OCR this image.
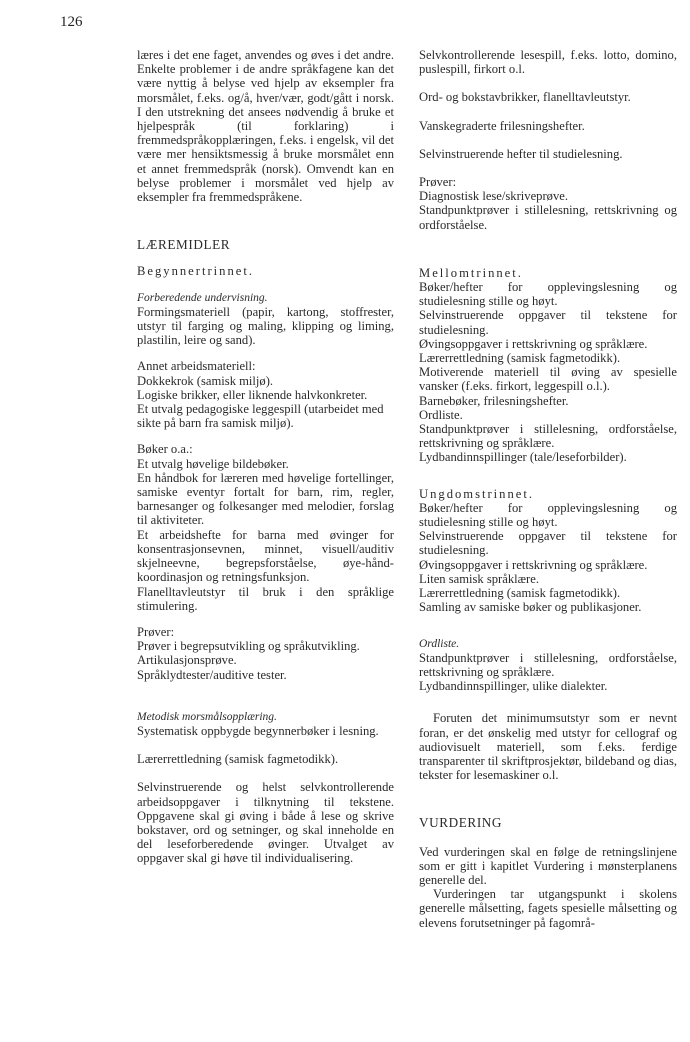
126

læres i det ene faget, anvendes og øves i det andre. Enkelte problemer i de andre språkfagene kan det være nyttig å belyse ved hjelp av eksempler fra morsmålet, f.eks. og/å, hver/vær, godt/gått i norsk. I den utstrekning det ansees nødvendig å bruke et hjelpespråk (til forklaring) i fremmedspråkopplæringen, f.eks. i engelsk, vil det være mer hensiktsmessig å bruke morsmålet enn et annet fremmedspråk (norsk). Omvendt kan en belyse problemer i morsmålet ved hjelp av eksempler fra fremmedspråkene.

LÆREMIDLER

Begynnertrinnet.

Forberedende undervisning.

Formingsmateriell (papir, kartong, stoffrester, utstyr til farging og maling, klipping og liming, plastilin, leire og sand).

Annet arbeidsmateriell:

Dokkekrok (samisk miljø).
Logiske brikker, eller liknende halvkonkreter.
Et utvalg pedagogiske leggespill (utarbeidet med sikte på barn fra samisk miljø).

Bøker o.a.:

Et utvalg høvelige bildebøker.
En håndbok for læreren med høvelige fortellinger, samiske eventyr fortalt for barn, rim, regler, barnesanger og folkesanger med melodier, forslag til aktiviteter.
Et arbeidshefte for barna med øvinger for konsentrasjonsevnen, minnet, visuell/auditiv skjelneevne, begrepsforståelse, øye-hånd-koordinasjon og retningsfunksjon.
Flanelltavleutstyr til bruk i den språklige stimulering.

Prøver:

Prøver i begrepsutvikling og språkutvikling.
Artikulasjonsprøve.
Språklydtester/auditive tester.

Metodisk morsmålsopplæring.

Systematisk oppbygde begynnerbøker i lesning.

Lærerrettledning (samisk fagmetodikk).

Selvinstruerende og helst selvkontrollerende arbeidsoppgaver i tilknytning til tekstene. Oppgavene skal gi øving i både å lese og skrive bokstaver, ord og setninger, og skal inneholde en del leseforberedende øvinger. Utvalget av oppgaver skal gi høve til individualisering.

Selvkontrollerende lesespill, f.eks. lotto, domino, puslespill, firkort o.l.

Ord- og bokstavbrikker, flanelltavleutstyr.

Vanskegraderte frilesningshefter.

Selvinstruerende hefter til studielesning.

Prøver:

Diagnostisk lese/skriveprøve.
Standpunktprøver i stillelesning, rettskrivning og ordforståelse.

Mellomtrinnet.

Bøker/hefter for opplevingslesning og studielesning stille og høyt.
Selvinstruerende oppgaver til tekstene for studielesning.
Øvingsoppgaver i rettskrivning og språklære.
Lærerrettledning (samisk fagmetodikk).
Motiverende materiell til øving av spesielle vansker (f.eks. firkort, leggespill o.l.).
Barnebøker, frilesningshefter.
Ordliste.
Standpunktprøver i stillelesning, ordforståelse, rettskrivning og språklære.
Lydbandinnspillinger (tale/leseforbilder).

Ungdomstrinnet.

Bøker/hefter for opplevingslesning og studielesning stille og høyt.
Selvinstruerende oppgaver til tekstene for studielesning.
Øvingsoppgaver i rettskrivning og språklære.
Liten samisk språklære.
Lærerrettledning (samisk fagmetodikk).
Samling av samiske bøker og publikasjoner.

Ordliste.

Standpunktprøver i stillelesning, ordforståelse, rettskrivning og språklære.
Lydbandinnspillinger, ulike dialekter.

Foruten det minimumsutstyr som er nevnt foran, er det ønskelig med utstyr for cellograf og audiovisuelt materiell, som f.eks. ferdige transparenter til skriftprosjektør, bildeband og dias, tekster for lesemaskiner o.l.

VURDERING

Ved vurderingen skal en følge de retningslinjene som er gitt i kapitlet Vurdering i mønsterplanens generelle del.

Vurderingen tar utgangspunkt i skolens generelle målsetting, fagets spesielle målsetting og elevens forutsetninger på fagområ-
